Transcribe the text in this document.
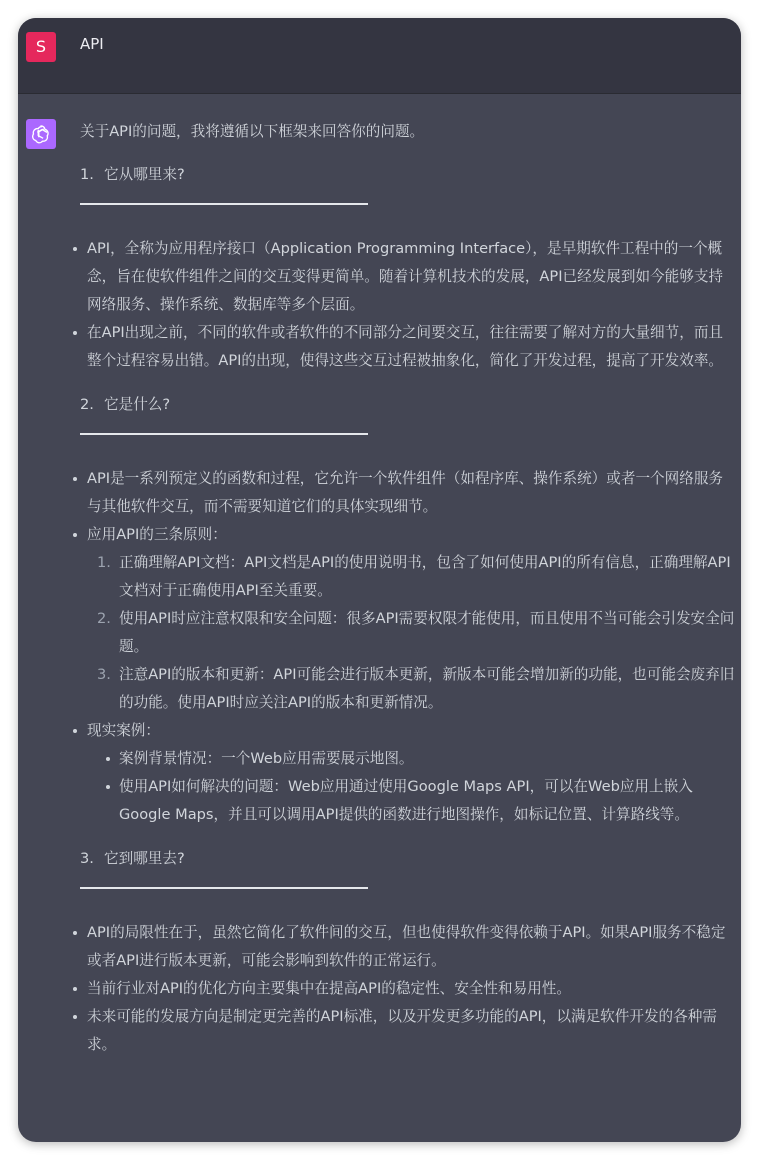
S	API

关于API的问题，我将遵循以下框架来回答你的问题。

1. 它从哪里来?
API，全称为应用程序接口（Application Programming Interface），是早期软件工程中的一个概念，旨在使软件组件之间的交互变得更简单。随着计算机技术的发展，API已经发展到如今能够支持网络服务、操作系统、数据库等多个层面。
在API出现之前，不同的软件或者软件的不同部分之间要交互，往往需要了解对方的大量细节，而且整个过程容易出错。API的出现，使得这些交互过程被抽象化，简化了开发过程，提高了开发效率。
2. 它是什么?
API是一系列预定义的函数和过程，它允许一个软件组件（如程序库、操作系统）或者一个网络服务与其他软件交互，而不需要知道它们的具体实现细节。
应用API的三条原则：
1. 正确理解API文档：API文档是API的使用说明书，包含了如何使用API的所有信息，正确理解API文档对于正确使用API至关重要。
2. 使用API时应注意权限和安全问题：很多API需要权限才能使用，而且使用不当可能会引发安全问题。
3. 注意API的版本和更新：API可能会进行版本更新，新版本可能会增加新的功能，也可能会废弃旧的功能。使用API时应关注API的版本和更新情况。
现实案例：
案例背景情况：一个Web应用需要展示地图。
使用API如何解决的问题：Web应用通过使用Google Maps API，可以在Web应用上嵌入Google Maps，并且可以调用API提供的函数进行地图操作，如标记位置、计算路线等。
3. 它到哪里去?
API的局限性在于，虽然它简化了软件间的交互，但也使得软件变得依赖于API。如果API服务不稳定或者API进行版本更新，可能会影响到软件的正常运行。
当前行业对API的优化方向主要集中在提高API的稳定性、安全性和易用性。
未来可能的发展方向是制定更完善的API标准，以及开发更多功能的API，以满足软件开发的各种需求。
